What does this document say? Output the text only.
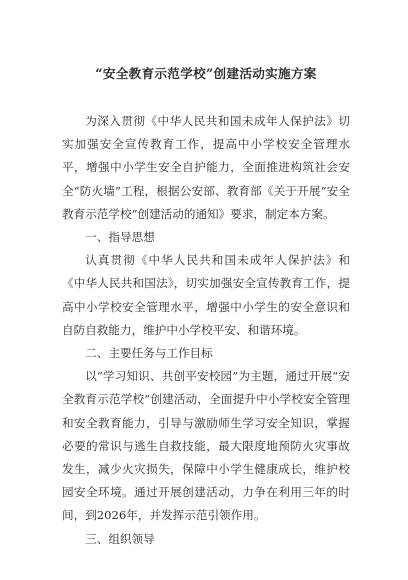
“安全教育示范学校”创建活动实施方案

为深入贯彻《中华人民共和国未成年人保护法》切实加强安全宣传教育工作，提高中小学校安全管理水平，增强中小学生安全自护能力，全面推进构筑社会安全“防火墙”工程，根据公安部、教育部《关于开展“安全教育示范学校”创建活动的通知》要求，制定本方案。

一、指导思想

认真贯彻《中华人民共和国未成年人保护法》和《中华人民共和国法》，切实加强安全宣传教育工作，提高中小学校安全管理水平，增强中小学生的安全意识和自防自救能力，维护中小学校平安、和谐环境。

二、主要任务与工作目标

以“学习知识、共创平安校园”为主题，通过开展“安全教育示范学校”创建活动，全面提升中小学校安全管理和安全教育能力，引导与激励师生学习安全知识，掌握必要的常识与逃生自救技能，最大限度地预防火灾事故发生，减少火灾损失，保障中小学生健康成长，维护校园安全环境。通过开展创建活动，力争在利用三年的时间，到2026年，并发挥示范引领作用。

三、组织领导
